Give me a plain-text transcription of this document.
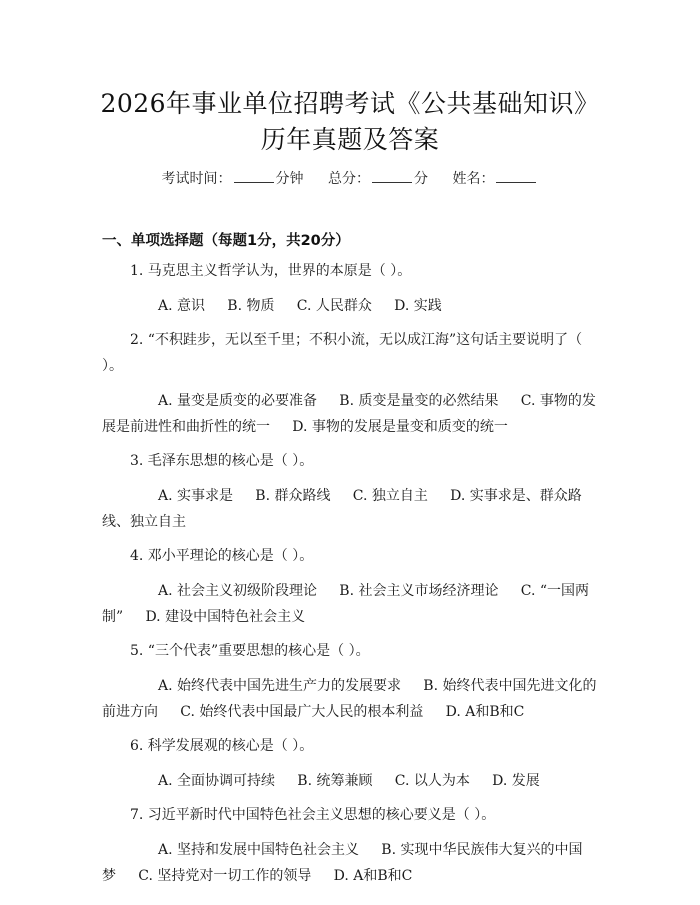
2026年事业单位招聘考试《公共基础知识》
历年真题及答案
考试时间：	分钟 总分：	分 姓名：
一、单项选择题（每题1分，共20分）
1. 马克思主义哲学认为，世界的本原是（ ）。
A. 意识 B. 物质 C. 人民群众 D. 实践
2. “不积跬步，无以至千里；不积小流，无以成江海”这句话主要说明了（ ）。
A. 量变是质变的必要准备 B. 质变是量变的必然结果 C. 事物的发展是前进性和曲折性的统一 D. 事物的发展是量变和质变的统一
3. 毛泽东思想的核心是（ ）。
A. 实事求是 B. 群众路线 C. 独立自主 D. 实事求是、群众路线、独立自主
4. 邓小平理论的核心是（ ）。
A. 社会主义初级阶段理论 B. 社会主义市场经济理论 C. “一国两制” D. 建设中国特色社会主义
5. “三个代表”重要思想的核心是（ ）。
A. 始终代表中国先进生产力的发展要求 B. 始终代表中国先进文化的前进方向 C. 始终代表中国最广大人民的根本利益 D. A和B和C
6. 科学发展观的核心是（ ）。
A. 全面协调可持续 B. 统筹兼顾 C. 以人为本 D. 发展
7. 习近平新时代中国特色社会主义思想的核心要义是（ ）。
A. 坚持和发展中国特色社会主义 B. 实现中华民族伟大复兴的中国梦 C. 坚持党对一切工作的领导 D. A和B和C
